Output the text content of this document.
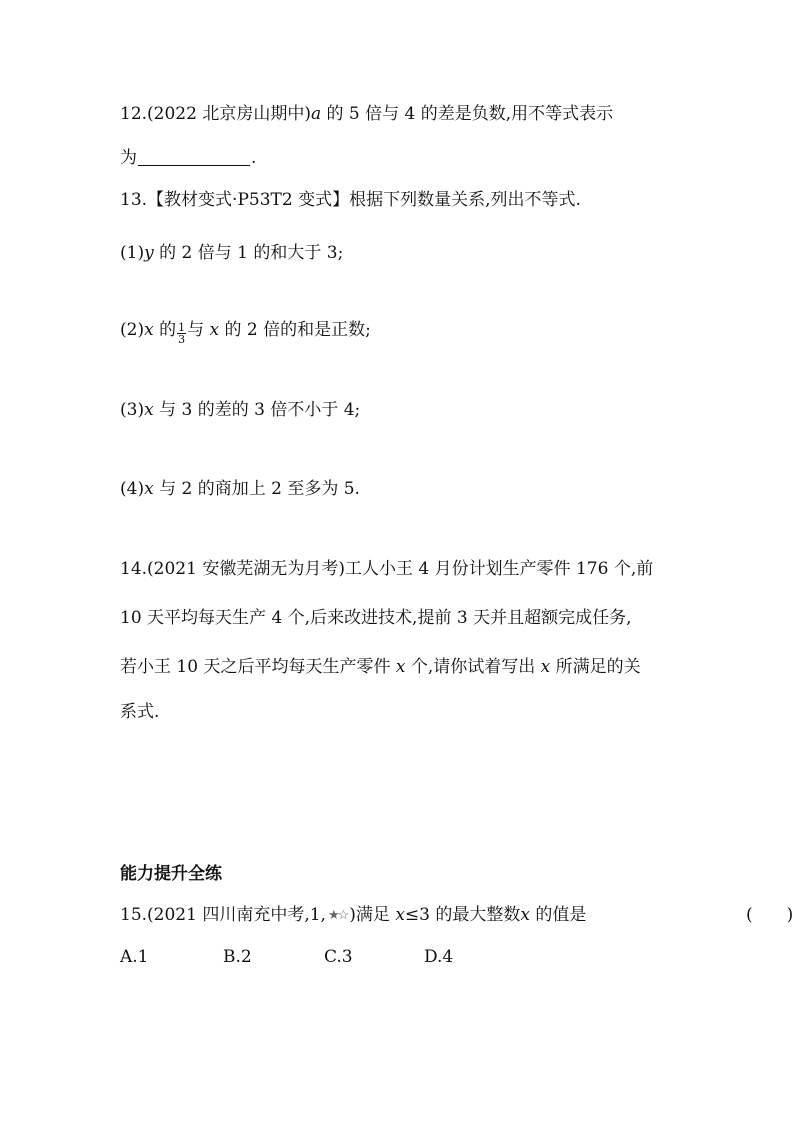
12.(2022 北京房山期中)a 的 5 倍与 4 的差是负数,用不等式表示
为	.
13.【教材变式·P53T2 变式】根据下列数量关系,列出不等式.
(1)y 的 2 倍与 1 的和大于 3;
(2)x 的 $\frac{1}{3}$ 与 x 的 2 倍的和是正数;
(3)x 与 3 的差的 3 倍不小于 4;
(4)x 与 2 的商加上 2 至多为 5.
14.(2021 安徽芜湖无为月考)工人小王 4 月份计划生产零件 176 个,前
10 天平均每天生产 4 个,后来改进技术,提前 3 天并且超额完成任务,
若小王 10 天之后平均每天生产零件 x 个,请你试着写出 x 所满足的关
系式.
能力提升全练
15.(2021 四川南充中考,1, ★☆ )满足 x≤3 的最大整数x 的值是	(　　)
A.1	B.2	C.3	D.4
